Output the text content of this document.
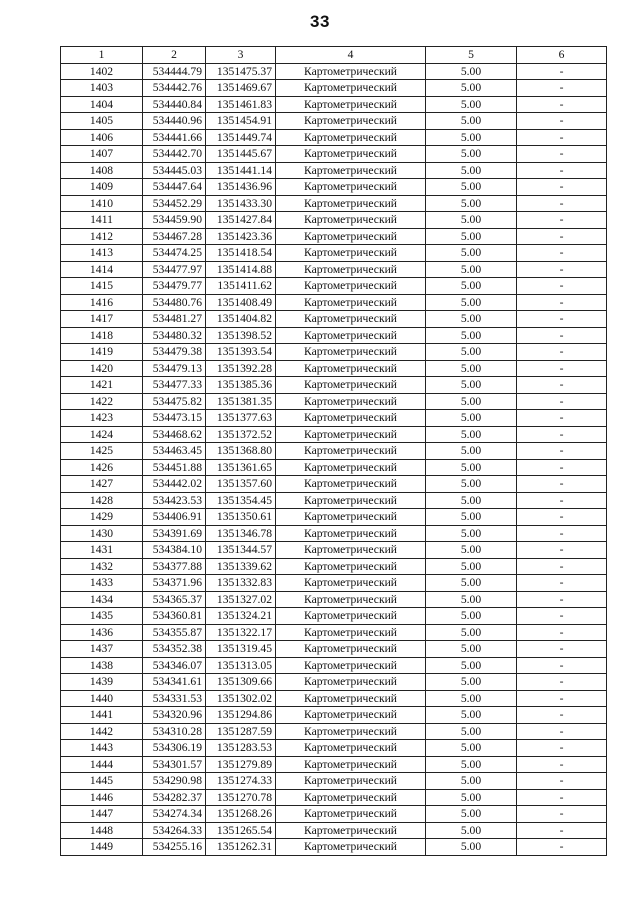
33
1	2	3	4	5	6
1402	534444.79	1351475.37	Картометрический	5.00	-
1403	534442.76	1351469.67	Картометрический	5.00	-
1404	534440.84	1351461.83	Картометрический	5.00	-
1405	534440.96	1351454.91	Картометрический	5.00	-
1406	534441.66	1351449.74	Картометрический	5.00	-
1407	534442.70	1351445.67	Картометрический	5.00	-
1408	534445.03	1351441.14	Картометрический	5.00	-
1409	534447.64	1351436.96	Картометрический	5.00	-
1410	534452.29	1351433.30	Картометрический	5.00	-
1411	534459.90	1351427.84	Картометрический	5.00	-
1412	534467.28	1351423.36	Картометрический	5.00	-
1413	534474.25	1351418.54	Картометрический	5.00	-
1414	534477.97	1351414.88	Картометрический	5.00	-
1415	534479.77	1351411.62	Картометрический	5.00	-
1416	534480.76	1351408.49	Картометрический	5.00	-
1417	534481.27	1351404.82	Картометрический	5.00	-
1418	534480.32	1351398.52	Картометрический	5.00	-
1419	534479.38	1351393.54	Картометрический	5.00	-
1420	534479.13	1351392.28	Картометрический	5.00	-
1421	534477.33	1351385.36	Картометрический	5.00	-
1422	534475.82	1351381.35	Картометрический	5.00	-
1423	534473.15	1351377.63	Картометрический	5.00	-
1424	534468.62	1351372.52	Картометрический	5.00	-
1425	534463.45	1351368.80	Картометрический	5.00	-
1426	534451.88	1351361.65	Картометрический	5.00	-
1427	534442.02	1351357.60	Картометрический	5.00	-
1428	534423.53	1351354.45	Картометрический	5.00	-
1429	534406.91	1351350.61	Картометрический	5.00	-
1430	534391.69	1351346.78	Картометрический	5.00	-
1431	534384.10	1351344.57	Картометрический	5.00	-
1432	534377.88	1351339.62	Картометрический	5.00	-
1433	534371.96	1351332.83	Картометрический	5.00	-
1434	534365.37	1351327.02	Картометрический	5.00	-
1435	534360.81	1351324.21	Картометрический	5.00	-
1436	534355.87	1351322.17	Картометрический	5.00	-
1437	534352.38	1351319.45	Картометрический	5.00	-
1438	534346.07	1351313.05	Картометрический	5.00	-
1439	534341.61	1351309.66	Картометрический	5.00	-
1440	534331.53	1351302.02	Картометрический	5.00	-
1441	534320.96	1351294.86	Картометрический	5.00	-
1442	534310.28	1351287.59	Картометрический	5.00	-
1443	534306.19	1351283.53	Картометрический	5.00	-
1444	534301.57	1351279.89	Картометрический	5.00	-
1445	534290.98	1351274.33	Картометрический	5.00	-
1446	534282.37	1351270.78	Картометрический	5.00	-
1447	534274.34	1351268.26	Картометрический	5.00	-
1448	534264.33	1351265.54	Картометрический	5.00	-
1449	534255.16	1351262.31	Картометрический	5.00	-
